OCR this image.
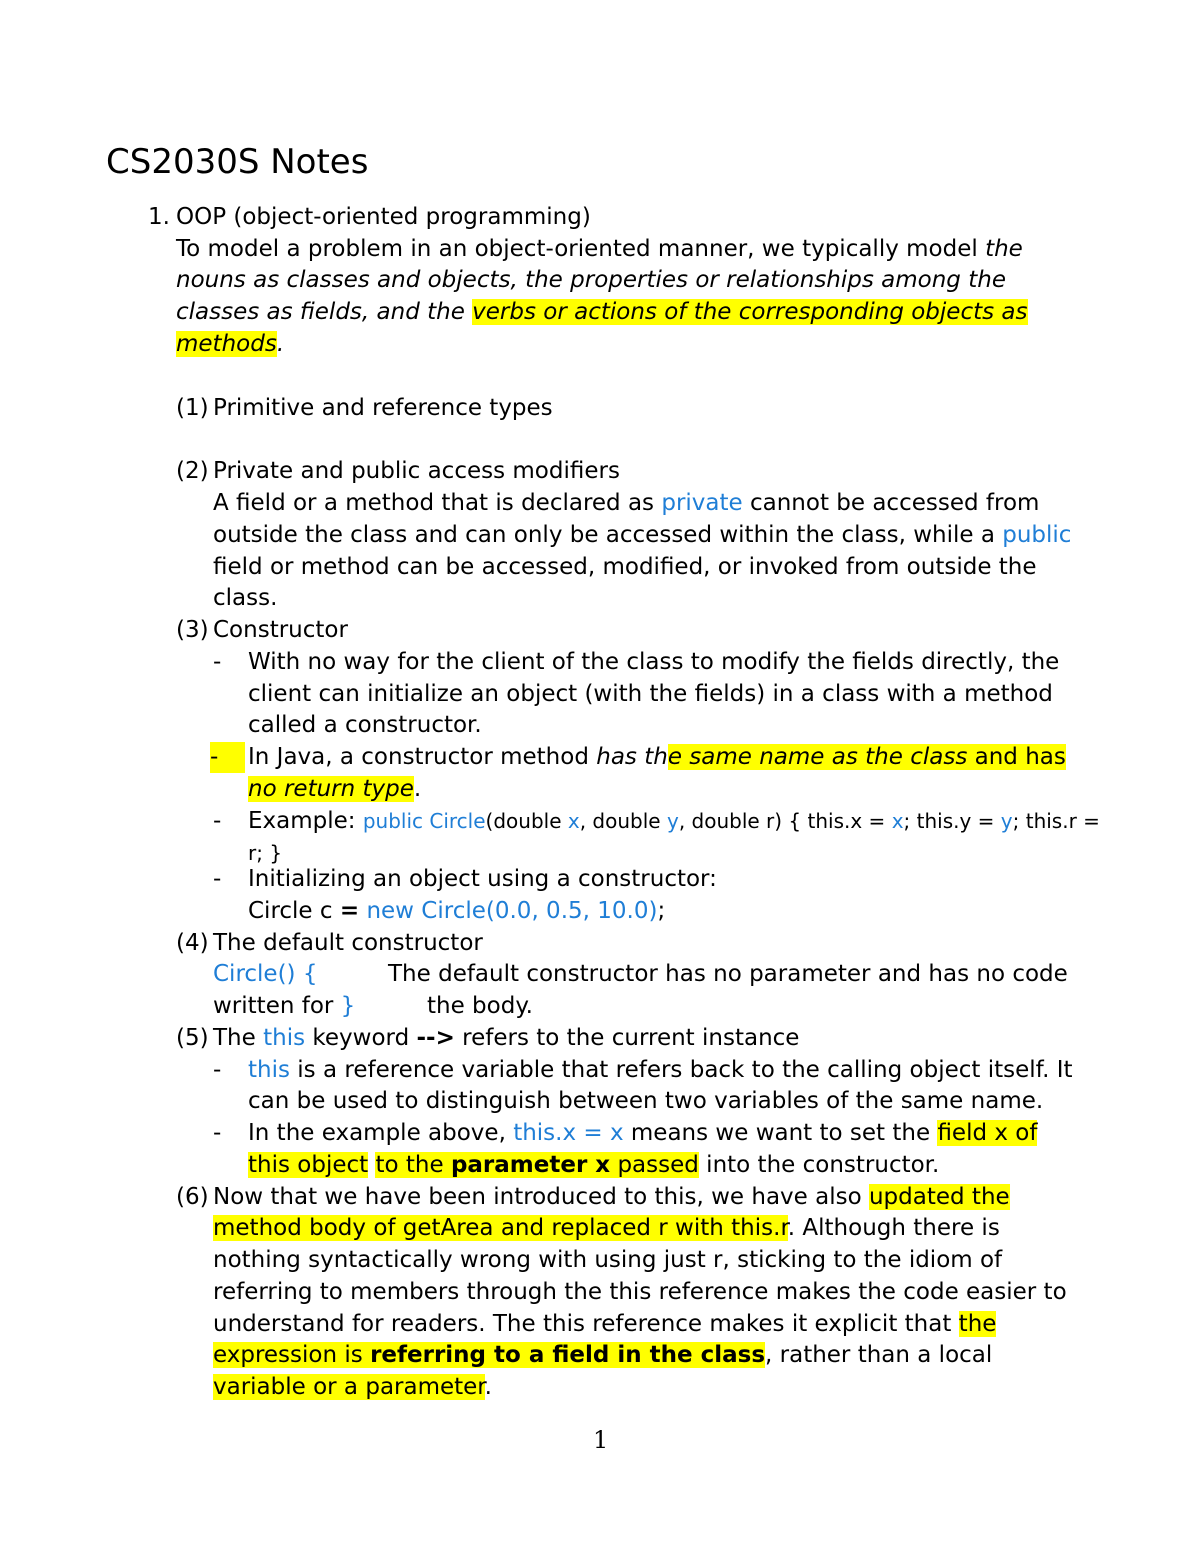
CS2030S Notes
1. OOP (object-oriented programming)
To model a problem in an object-oriented manner, we typically model the
nouns as classes and objects, the properties or relationships among the
classes as fields, and the verbs or actions of the corresponding objects as
methods.
(1) Primitive and reference types
(2) Private and public access modifiers
A field or a method that is declared as private cannot be accessed from
outside the class and can only be accessed within the class, while a public
field or method can be accessed, modified, or invoked from outside the
class.
(3) Constructor
- With no way for the client of the class to modify the fields directly, the
client can initialize an object (with the fields) in a class with a method
called a constructor.
-	In Java, a constructor method has the same name as the class and has
no return type.
- Example: public Circle(double x, double y, double r) { this.x = x; this.y = y; this.r =
r; }
- Initializing an object using a constructor:
Circle c = new Circle(0.0, 0.5, 10.0);
(4) The default constructor
Circle() {	The default constructor has no parameter and has no code
written for }	the body.
(5) The this keyword --> refers to the current instance
- this is a reference variable that refers back to the calling object itself. It
can be used to distinguish between two variables of the same name.
- In the example above, this.x = x means we want to set the field x of
this object to the parameter x passed into the constructor.
(6) Now that we have been introduced to this, we have also updated the
method body of getArea and replaced r with this.r. Although there is
nothing syntactically wrong with using just r, sticking to the idiom of
referring to members through the this reference makes the code easier to
understand for readers. The this reference makes it explicit that the
expression is referring to a field in the class, rather than a local
variable or a parameter.
1
